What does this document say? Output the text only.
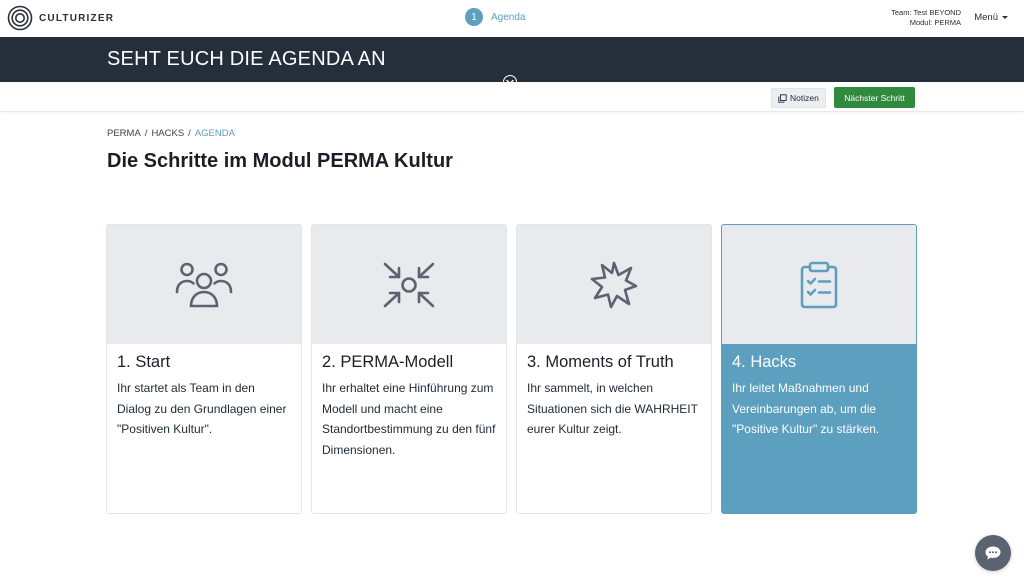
CULTURIZER	1	Agenda	Team: Test BEYOND
Modul: PERMA Menü
SEHT EUCH DIE AGENDA AN
Notizen	Nächster Schritt
PERMA / HACKS / AGENDA
Die Schritte im Modul PERMA Kultur
1. Start
Ihr startet als Team in den Dialog zu den Grundlagen einer "Positiven Kultur".
2. PERMA-Modell
Ihr erhaltet eine Hinführung zum Modell und macht eine Standortbestimmung zu den fünf Dimensionen.
3. Moments of Truth
Ihr sammelt, in welchen Situationen sich die WAHRHEIT eurer Kultur zeigt.
4. Hacks
Ihr leitet Maßnahmen und Vereinbarungen ab, um die "Positive Kultur" zu stärken.
